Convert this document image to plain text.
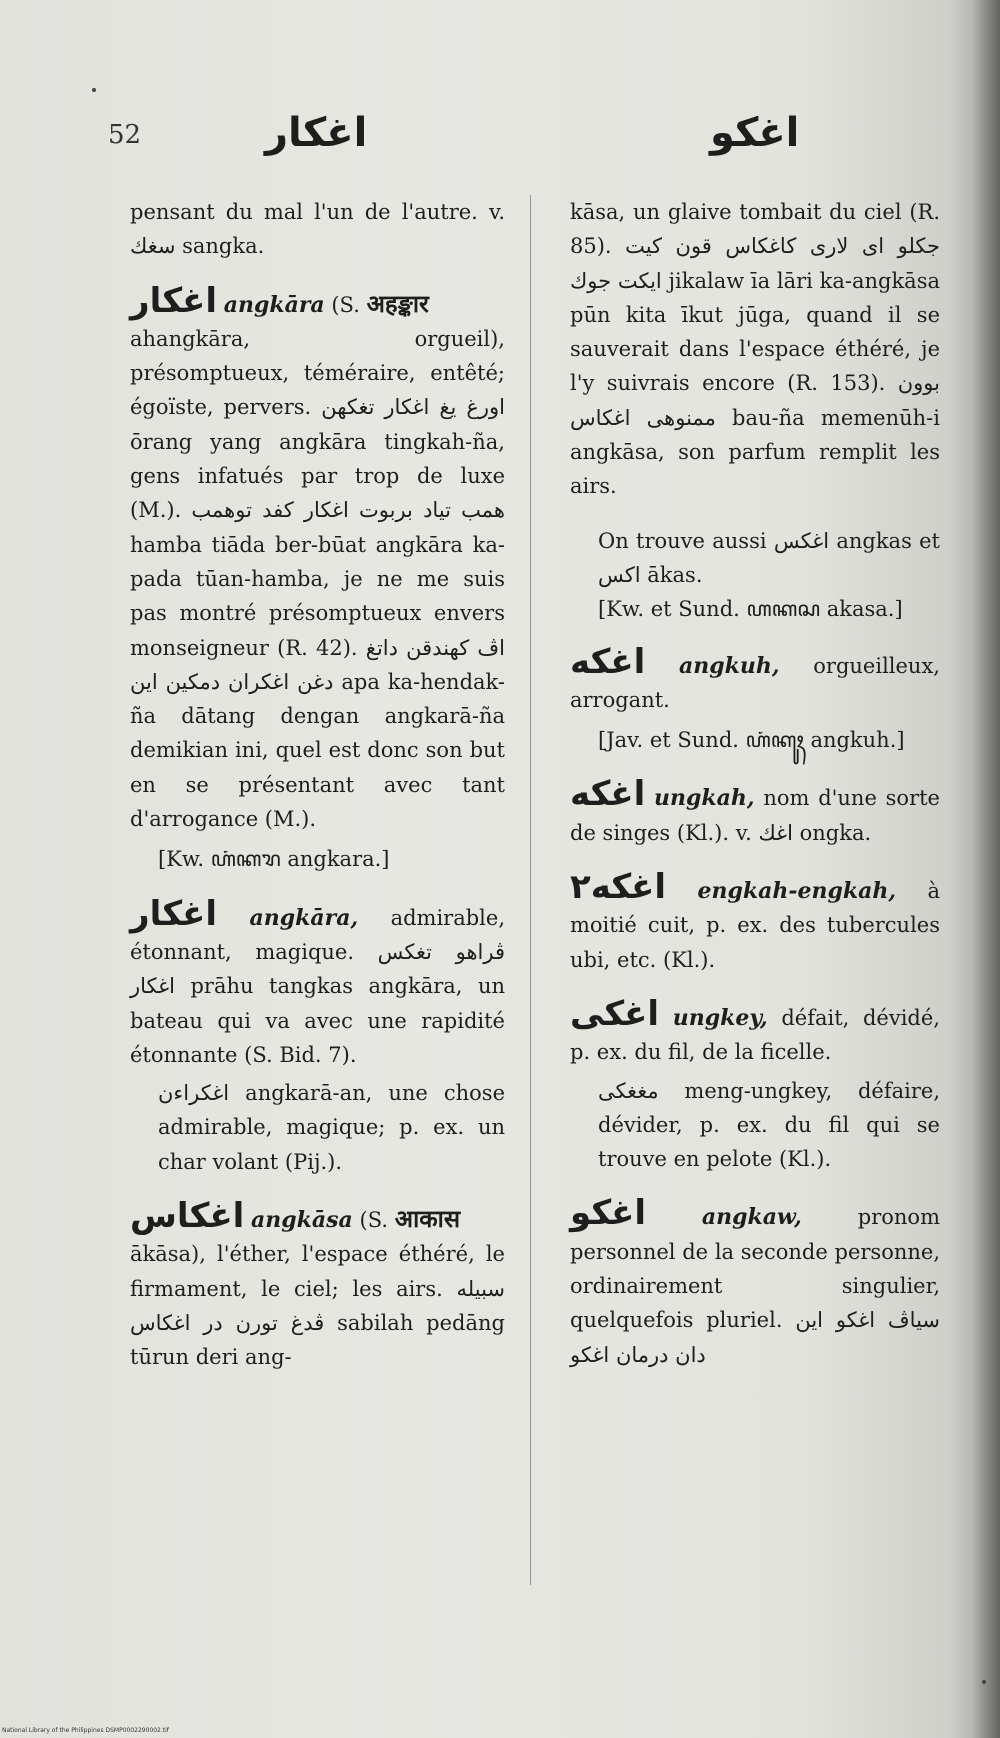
52	اغكار	اغكو

pensant du mal l'un de l'autre. v. سغك sangka.

اغكار angkāra (S. अहङ्कार

ahangkāra, orgueil), présomptueux, téméraire, entêté; égoïste, pervers. اورغ يغ اغكار تغكهن ōrang yang angkāra tingkah-ña, gens infatués par trop de luxe (M.). همب تياد بربوت اغكار كفد توهمب hamba tiāda ber-būat angkāra ka-pada tūan-hamba, je ne me suis pas montré présomptueux envers monseigneur (R. 42). اڤ كهندقن داتغ دغن اغكران دمكين اين apa ka-hendak-ña dātang dengan angkarā-ña demikian ini, quel est donc son but en se présentant avec tant d'arrogance (M.).

[Kw. ꦲꦁꦏꦫ angkara.]

اغكار angkāra, admirable, étonnant, magique. ڤراهو تغكس اغكار prāhu tangkas angkāra, un bateau qui va avec une rapidité étonnante (S. Bid. 7).

اغكراءن angkarā-an, une chose admirable, magique; p. ex. un char volant (Pij.).

اغكاس angkāsa (S. आकास

ākāsa), l'éther, l'espace éthéré, le firmament, le ciel; les airs. سبيله ڤدغ تورن در اغكاس sabilah pedāng tūrun deri ang-

kāsa, un glaive tombait du ciel (R. 85). جكلو اى لارى كاغكاس قون كيت ايكت جوك jikalaw īa lāri ka-angkāsa pūn kita īkut jūga, quand il se sauverait dans l'espace éthéré, je l'y suivrais encore (R. 153). بوون ممنوهى اغكاس bau-ña memenūh-i angkāsa, son parfum remplit les airs.

On trouve aussi اغكس angkas et اكس ākas.

[Kw. et Sund. ꦲꦏꦱ akasa.]

اغكه angkuh, orgueilleux, arrogant.

[Jav. et Sund. ꦲꦁꦏꦸꦃ angkuh.]

اغكه ungkah, nom d'une sorte de singes (Kl.). v. اغك ongka.

اغكه٢ engkah-engkah, à moitié cuit, p. ex. des tubercules ubi, etc. (Kl.).

اغكى ungkey, défait, dévidé, p. ex. du fil, de la ficelle.

مغغكى meng-ungkey, défaire, dévider, p. ex. du fil qui se trouve en pelote (Kl.).

اغكو	angkaw,	pronom personnel de la seconde personne, ordinairement singulier, quelquefois pluriel. سياڤ اغكو اين دان درمان اغكو

National Library of the Philippines DSMP0002290002.tif
